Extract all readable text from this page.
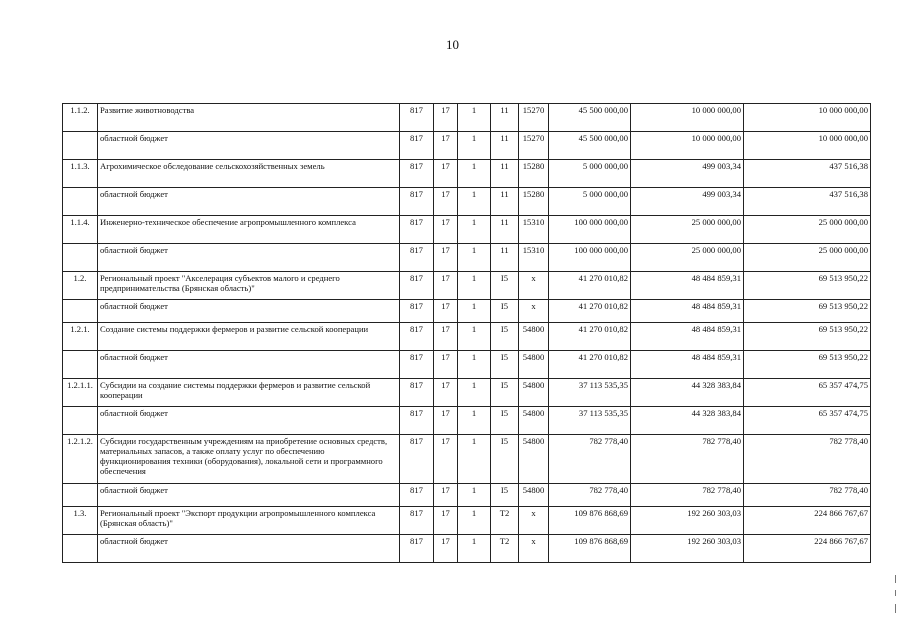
10
1.1.2.	Развитие животноводства	817	17	1	11	15270	45 500 000,00	10 000 000,00	10 000 000,00
	областной бюджет	817	17	1	11	15270	45 500 000,00	10 000 000,00	10 000 000,00
1.1.3.	Агрохимическое обследование сельскохозяйственных земель	817	17	1	11	15280	5 000 000,00	499 003,34	437 516,38
	областной бюджет	817	17	1	11	15280	5 000 000,00	499 003,34	437 516,38
1.1.4.	Инженерно-техническое обеспечение агропромышленного комплекса	817	17	1	11	15310	100 000 000,00	25 000 000,00	25 000 000,00
	областной бюджет	817	17	1	11	15310	100 000 000,00	25 000 000,00	25 000 000,00
1.2.	Региональный проект "Акселерация субъектов малого и среднего предпринимательства (Брянская область)"	817	17	1	I5	x	41 270 010,82	48 484 859,31	69 513 950,22
	областной бюджет	817	17	1	I5	x	41 270 010,82	48 484 859,31	69 513 950,22
1.2.1.	Создание системы поддержки фермеров и развитие сельской кооперации	817	17	1	I5	54800	41 270 010,82	48 484 859,31	69 513 950,22
	областной бюджет	817	17	1	I5	54800	41 270 010,82	48 484 859,31	69 513 950,22
1.2.1.1.	Субсидии на создание системы поддержки фермеров и развитие сельской кооперации	817	17	1	I5	54800	37 113 535,35	44 328 383,84	65 357 474,75
	областной бюджет	817	17	1	I5	54800	37 113 535,35	44 328 383,84	65 357 474,75
1.2.1.2.	Субсидии государственным учреждениям на приобретение основных средств, материальных запасов, а также оплату услуг по обеспечению функционирования техники (оборудования), локальной сети и программного обеспечения	817	17	1	I5	54800	782 778,40	782 778,40	782 778,40
	областной бюджет	817	17	1	I5	54800	782 778,40	782 778,40	782 778,40
1.3.	Региональный проект "Экспорт продукции агропромышленного комплекса (Брянская область)"	817	17	1	T2	x	109 876 868,69	192 260 303,03	224 866 767,67
	областной бюджет	817	17	1	T2	x	109 876 868,69	192 260 303,03	224 866 767,67
